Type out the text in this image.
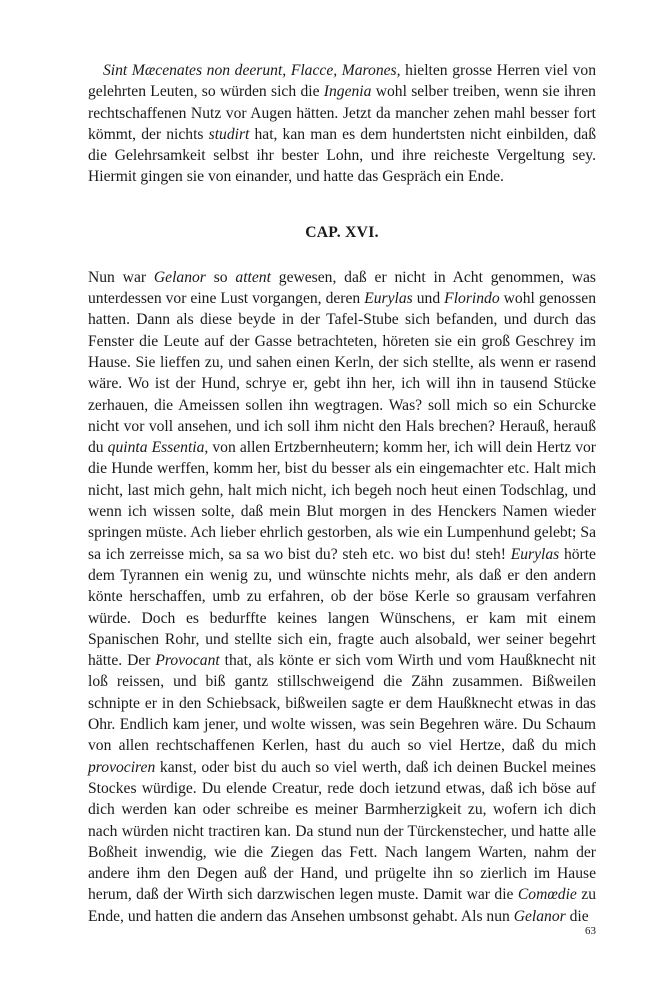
Sint Mæcenates non deerunt, Flacce, Marones, hielten grosse Herren viel von gelehrten Leuten, so würden sich die Ingenia wohl selber treiben, wenn sie ihren rechtschaffenen Nutz vor Augen hätten. Jetzt da mancher zehen mahl besser fort kömmt, der nichts studirt hat, kan man es dem hundertsten nicht einbilden, daß die Gelehrsamkeit selbst ihr bester Lohn, und ihre reicheste Vergeltung sey. Hiermit gingen sie von einander, und hatte das Gespräch ein Ende.

CAP. XVI.

Nun war Gelanor so attent gewesen, daß er nicht in Acht genommen, was unterdessen vor eine Lust vorgangen, deren Eurylas und Florindo wohl genossen hatten. Dann als diese beyde in der Tafel-Stube sich befanden, und durch das Fenster die Leute auf der Gasse betrachteten, höreten sie ein groß Geschrey im Hause. Sie lieffen zu, und sahen einen Kerln, der sich stellte, als wenn er rasend wäre. Wo ist der Hund, schrye er, gebt ihn her, ich will ihn in tausend Stücke zerhauen, die Ameissen sollen ihn wegtragen. Was? soll mich so ein Schurcke nicht vor voll ansehen, und ich soll ihm nicht den Hals brechen? Herauß, herauß du quinta Essentia, von allen Ertzbernheutern; komm her, ich will dein Hertz vor die Hunde werffen, komm her, bist du besser als ein eingemachter etc. Halt mich nicht, last mich gehn, halt mich nicht, ich begeh noch heut einen Todschlag, und wenn ich wissen solte, daß mein Blut morgen in des Henckers Namen wieder springen müste. Ach lieber ehrlich gestorben, als wie ein Lumpenhund gelebt; Sa sa ich zerreisse mich, sa sa wo bist du? steh etc. wo bist du! steh! Eurylas hörte dem Tyrannen ein wenig zu, und wünschte nichts mehr, als daß er den andern könte herschaffen, umb zu erfahren, ob der böse Kerle so grausam verfahren würde. Doch es bedurffte keines langen Wünschens, er kam mit einem Spanischen Rohr, und stellte sich ein, fragte auch alsobald, wer seiner begehrt hätte. Der Provocant that, als könte er sich vom Wirth und vom Haußknecht nit loß reissen, und biß gantz stillschweigend die Zähn zusammen. Bißweilen schnipte er in den Schiebsack, bißweilen sagte er dem Haußknecht etwas in das Ohr. Endlich kam jener, und wolte wissen, was sein Begehren wäre. Du Schaum von allen rechtschaffenen Kerlen, hast du auch so viel Hertze, daß du mich provociren kanst, oder bist du auch so viel werth, daß ich deinen Buckel meines Stockes würdige. Du elende Creatur, rede doch ietzund etwas, daß ich böse auf dich werden kan oder schreibe es meiner Barmherzigkeit zu, wofern ich dich nach würden nicht tractiren kan. Da stund nun der Türckenstecher, und hatte alle Boßheit inwendig, wie die Ziegen das Fett. Nach langem Warten, nahm der andere ihm den Degen auß der Hand, und prügelte ihn so zierlich im Hause herum, daß der Wirth sich darzwischen legen muste. Damit war die Comœdie zu Ende, und hatten die andern das Ansehen umbsonst gehabt. Als nun Gelanor die

63
